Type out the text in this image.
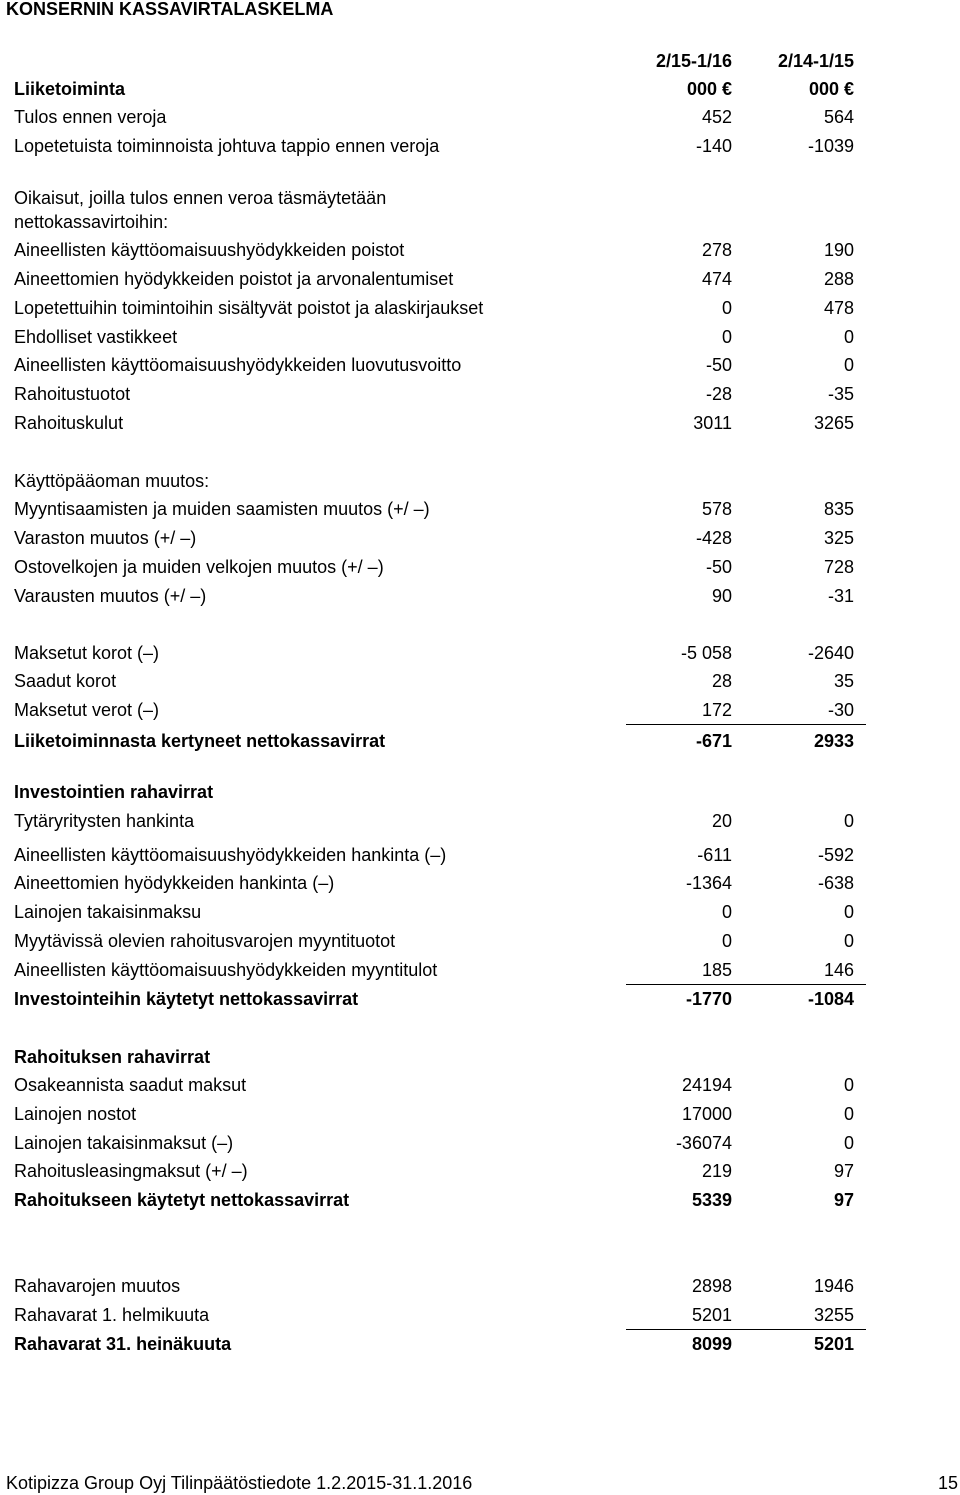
KONSERNIN KASSAVIRTALASKELMA
2/15-1/16	2/14-1/15
Liiketoiminta	000 €	000 €
Tulos ennen veroja	452	564
Lopetetuista toiminnoista johtuva tappio ennen veroja	-140	-1039
Oikaisut, joilla tulos ennen veroa täsmäytetään
nettokassavirtoihin:
Aineellisten käyttöomaisuushyödykkeiden poistot	278	190
Aineettomien hyödykkeiden poistot ja arvonalentumiset	474	288
Lopetettuihin toimintoihin sisältyvät poistot ja alaskirjaukset	0	478
Ehdolliset vastikkeet	0	0
Aineellisten käyttöomaisuushyödykkeiden luovutusvoitto	-50	0
Rahoitustuotot	-28	-35
Rahoituskulut	3011	3265
Käyttöpääoman muutos:
Myyntisaamisten ja muiden saamisten muutos (+/ –)	578	835
Varaston muutos (+/ –)	-428	325
Ostovelkojen ja muiden velkojen muutos (+/ –)	-50	728
Varausten muutos (+/ –)	90	-31
Maksetut korot (–)	-5 058	-2640
Saadut korot	28	35
Maksetut verot (–)	172	-30
Liiketoiminnasta kertyneet nettokassavirrat	-671	2933
Investointien rahavirrat
Tytäryritysten hankinta	20	0
Aineellisten käyttöomaisuushyödykkeiden hankinta (–)	-611	-592
Aineettomien hyödykkeiden hankinta (–)	-1364	-638
Lainojen takaisinmaksu	0	0
Myytävissä olevien rahoitusvarojen myyntituotot	0	0
Aineellisten käyttöomaisuushyödykkeiden myyntitulot	185	146
Investointeihin käytetyt nettokassavirrat	-1770	-1084
Rahoituksen rahavirrat
Osakeannista saadut maksut	24194	0
Lainojen nostot	17000	0
Lainojen takaisinmaksut (–)	-36074	0
Rahoitusleasingmaksut (+/ –)	219	97
Rahoitukseen käytetyt nettokassavirrat	5339	97
Rahavarojen muutos	2898	1946
Rahavarat 1. helmikuuta	5201	3255
Rahavarat 31. heinäkuuta	8099	5201
Kotipizza Group Oyj Tilinpäätöstiedote 1.2.2015-31.1.2016	15
